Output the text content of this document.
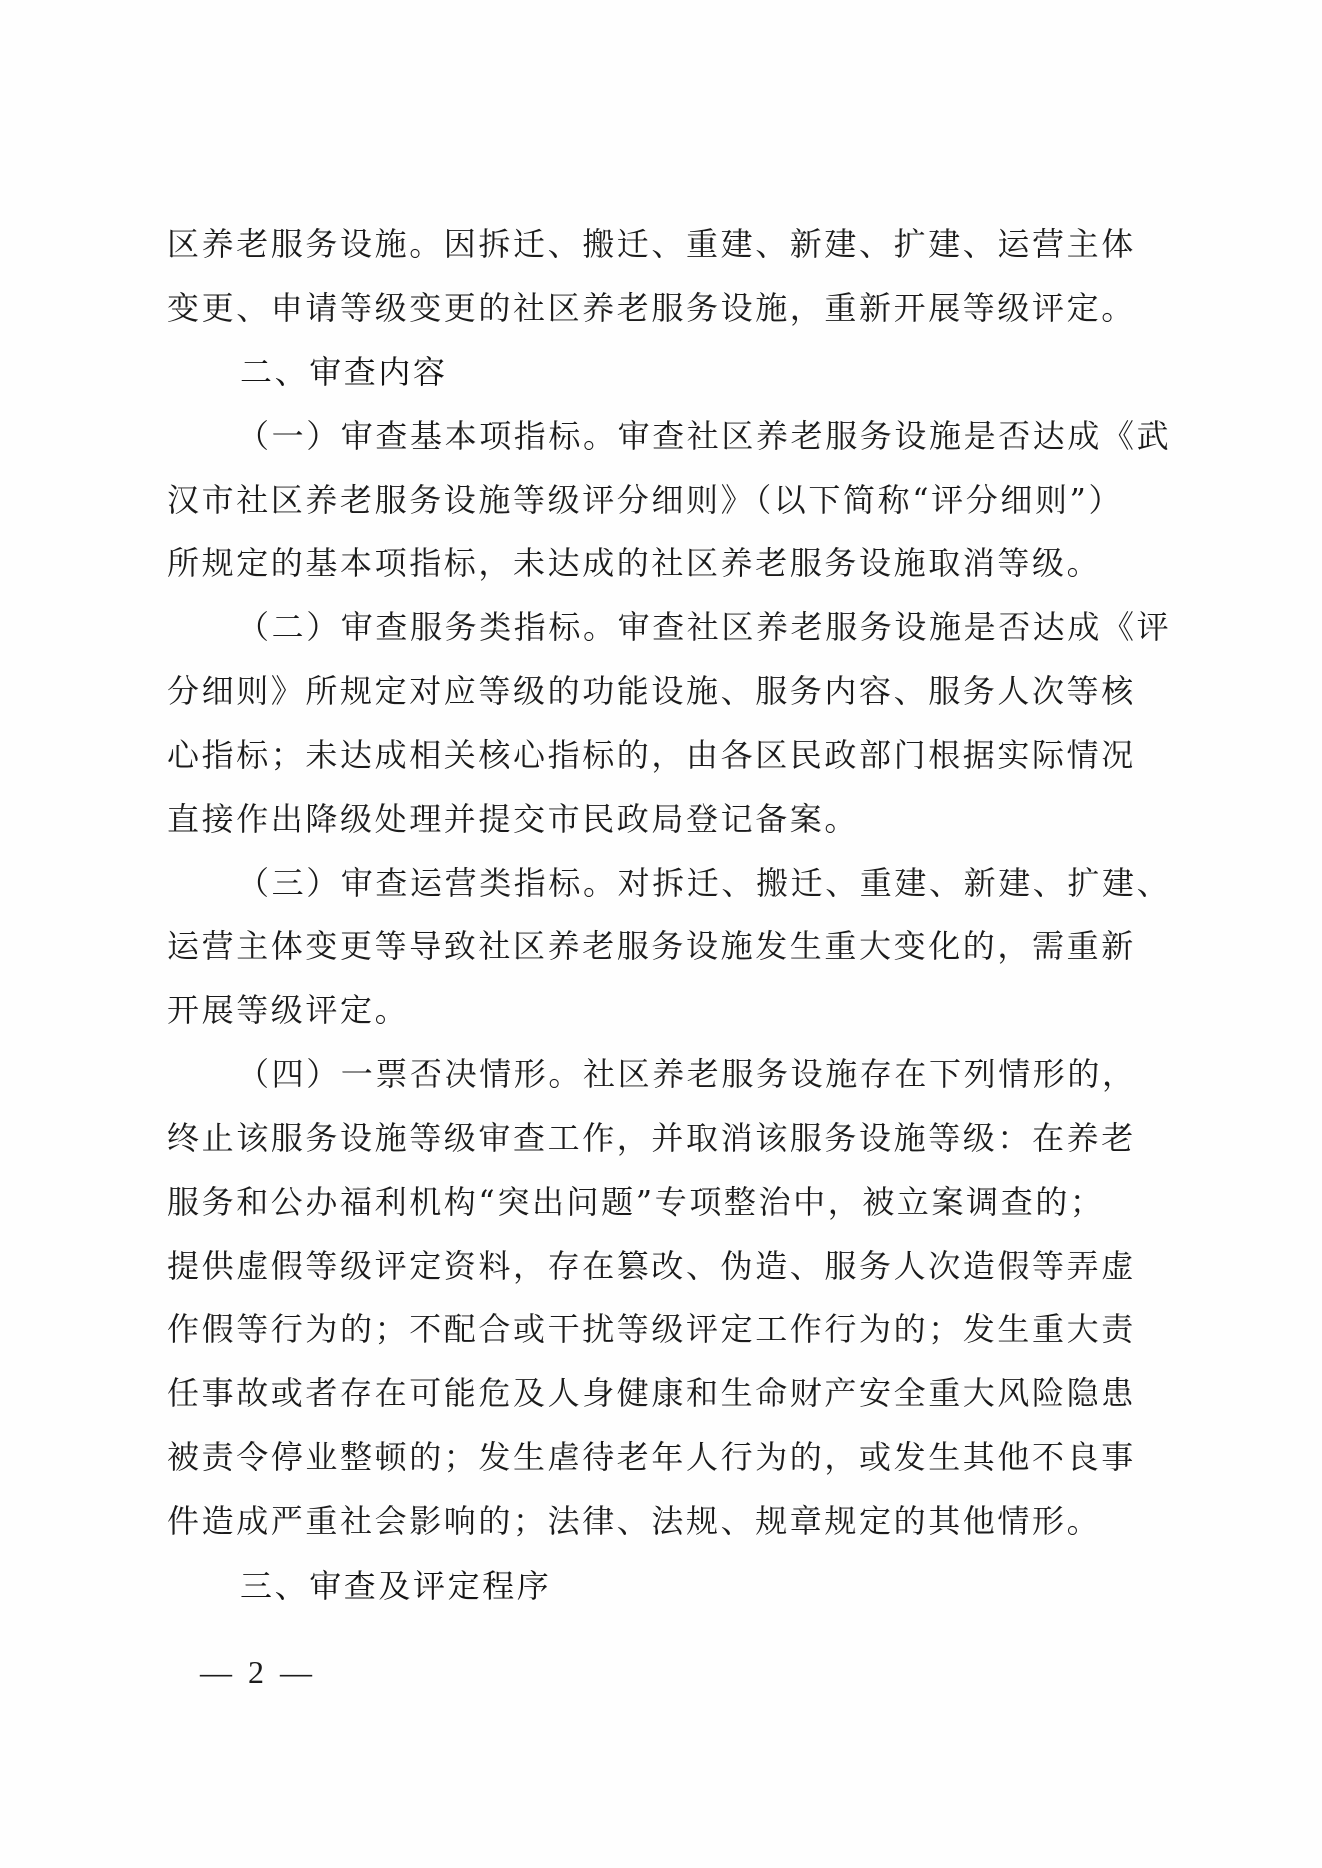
区养老服务设施。因拆迁、搬迁、重建、新建、扩建、运营主体
变更、申请等级变更的社区养老服务设施，重新开展等级评定。
二、审查内容
（一）审查基本项指标。审查社区养老服务设施是否达成《武
汉市社区养老服务设施等级评分细则》（以下简称“评分细则”）
所规定的基本项指标，未达成的社区养老服务设施取消等级。
（二）审查服务类指标。审查社区养老服务设施是否达成《评
分细则》所规定对应等级的功能设施、服务内容、服务人次等核
心指标；未达成相关核心指标的，由各区民政部门根据实际情况
直接作出降级处理并提交市民政局登记备案。
（三）审查运营类指标。对拆迁、搬迁、重建、新建、扩建、
运营主体变更等导致社区养老服务设施发生重大变化的，需重新
开展等级评定。
（四）一票否决情形。社区养老服务设施存在下列情形的，
终止该服务设施等级审查工作，并取消该服务设施等级：在养老
服务和公办福利机构“突出问题”专项整治中，被立案调查的；
提供虚假等级评定资料，存在篡改、伪造、服务人次造假等弄虚
作假等行为的；不配合或干扰等级评定工作行为的；发生重大责
任事故或者存在可能危及人身健康和生命财产安全重大风险隐患
被责令停业整顿的；发生虐待老年人行为的，或发生其他不良事
件造成严重社会影响的；法律、法规、规章规定的其他情形。
三、审查及评定程序
— 2 —
